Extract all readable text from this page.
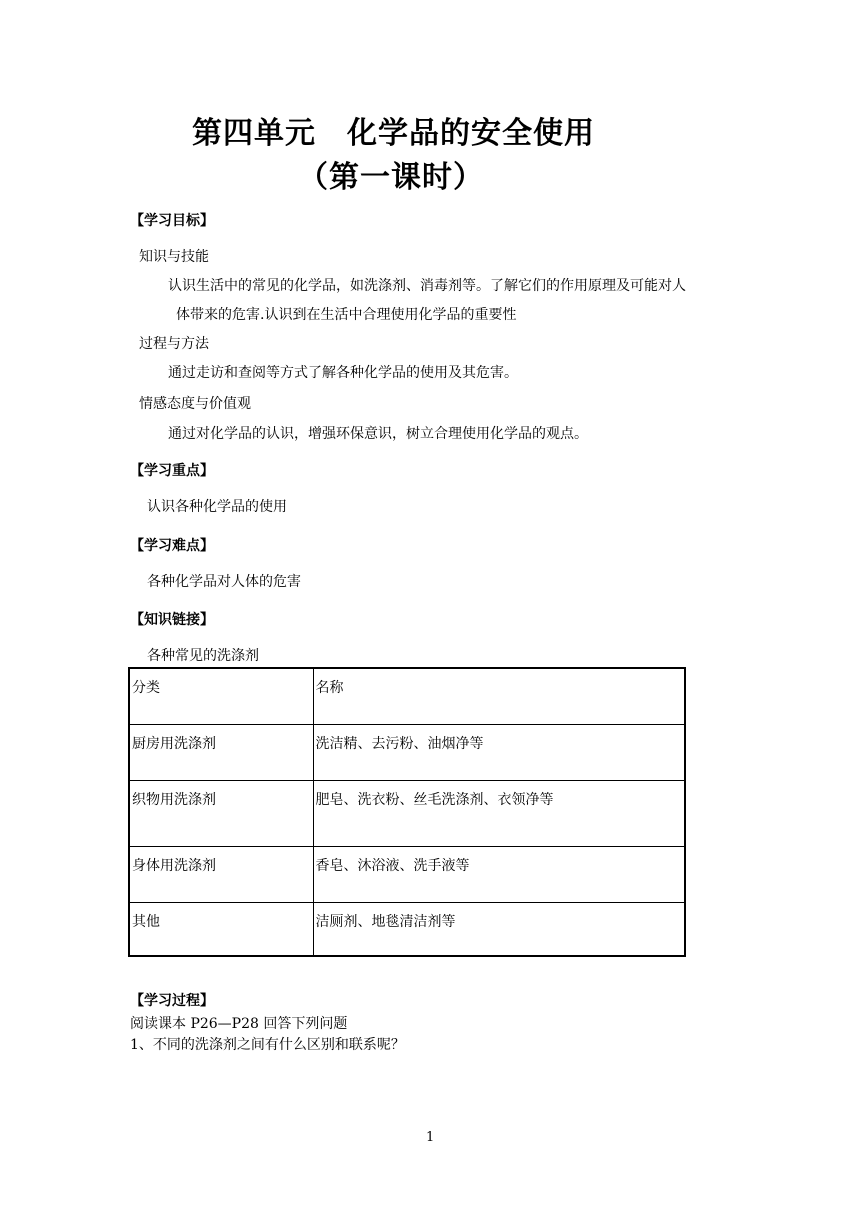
第四单元　化学品的安全使用
（第一课时）
【学习目标】
知识与技能
认识生活中的常见的化学品，如洗涤剂、消毒剂等。了解它们的作用原理及可能对人
体带来的危害.认识到在生活中合理使用化学品的重要性
过程与方法
通过走访和查阅等方式了解各种化学品的使用及其危害。
情感态度与价值观
通过对化学品的认识，增强环保意识，树立合理使用化学品的观点。
【学习重点】
认识各种化学品的使用
【学习难点】
各种化学品对人体的危害
【知识链接】
各种常见的洗涤剂
分类	名称
厨房用洗涤剂	洗洁精、去污粉、油烟净等
织物用洗涤剂	肥皂、洗衣粉、丝毛洗涤剂、衣领净等
身体用洗涤剂	香皂、沐浴液、洗手液等
其他	洁厕剂、地毯清洁剂等
【学习过程】
阅读课本 P26—P28 回答下列问题
1、不同的洗涤剂之间有什么区别和联系呢？
1
